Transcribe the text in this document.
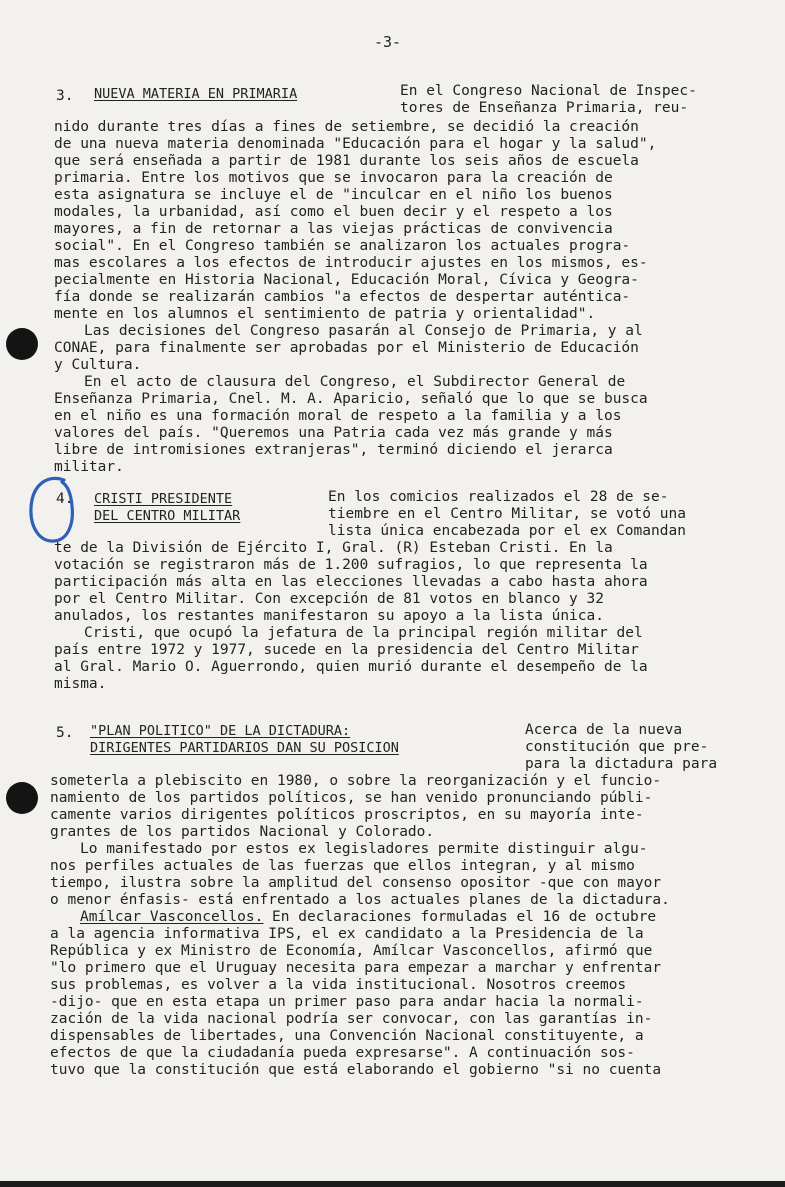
-3-
3. NUEVA MATERIA EN PRIMARIA	En el Congreso Nacional de Inspec-
tores de Enseñanza Primaria, reu-

nido durante tres días a fines de setiembre, se decidió la creación

de una nueva materia denominada "Educación para el hogar y la salud",

que será enseñada a partir de 1981 durante los seis años de escuela

primaria. Entre los motivos que se invocaron para la creación de

esta asignatura se incluye el de "inculcar en el niño los buenos

modales, la urbanidad, así como el buen decir y el respeto a los

mayores, a fin de retornar a las viejas prácticas de convivencia

social". En el Congreso también se analizaron los actuales progra-

mas escolares a los efectos de introducir ajustes en los mismos, es-

pecialmente en Historia Nacional, Educación Moral, Cívica y Geogra-

fía donde se realizarán cambios "a efectos de despertar auténtica-

mente en los alumnos el sentimiento de patria y orientalidad".

Las decisiones del Congreso pasarán al Consejo de Primaria, y al

CONAE, para finalmente ser aprobadas por el Ministerio de Educación

y Cultura.

En el acto de clausura del Congreso, el Subdirector General de

Enseñanza Primaria, Cnel. M. A. Aparicio, señaló que lo que se busca

en el niño es una formación moral de respeto a la familia y a los

valores del país. "Queremos una Patria cada vez más grande y más

libre de intromisiones extranjeras", terminó diciendo el jerarca

militar.

4. CRISTI PRESIDENTE
DEL CENTRO MILITAR
En los comicios realizados el 28 de se-
tiembre en el Centro Militar, se votó una
lista única encabezada por el ex Comandan

te de la División de Ejército I, Gral. (R) Esteban Cristi. En la

votación se registraron más de 1.200 sufragios, lo que representa la

participación más alta en las elecciones llevadas a cabo hasta ahora

por el Centro Militar. Con excepción de 81 votos en blanco y 32

anulados, los restantes manifestaron su apoyo a la lista única.

Cristi, que ocupó la jefatura de la principal región militar del

país entre 1972 y 1977, sucede en la presidencia del Centro Militar

al Gral. Mario O. Aguerrondo, quien murió durante el desempeño de la

misma.

5. "PLAN POLITICO" DE LA DICTADURA:
DIRIGENTES PARTIDARIOS DAN SU POSICION
Acerca de la nueva
constitución que pre-
para la dictadura para

someterla a plebiscito en 1980, o sobre la reorganización y el funcio-

namiento de los partidos políticos, se han venido pronunciando públi-

camente varios dirigentes políticos proscriptos, en su mayoría inte-

grantes de los partidos Nacional y Colorado.

Lo manifestado por estos ex legisladores permite distinguir algu-

nos perfiles actuales de las fuerzas que ellos integran, y al mismo

tiempo, ilustra sobre la amplitud del consenso opositor -que con mayor

o menor énfasis- está enfrentado a los actuales planes de la dictadura.

Amílcar Vasconcellos. En declaraciones formuladas el 16 de octubre

a la agencia informativa IPS, el ex candidato a la Presidencia de la

República y ex Ministro de Economía, Amílcar Vasconcellos, afirmó que

"lo primero que el Uruguay necesita para empezar a marchar y enfrentar

sus problemas, es volver a la vida institucional. Nosotros creemos

-dijo- que en esta etapa un primer paso para andar hacia la normali-

zación de la vida nacional podría ser convocar, con las garantías in-

dispensables de libertades, una Convención Nacional constituyente, a

efectos de que la ciudadanía pueda expresarse". A continuación sos-

tuvo que la constitución que está elaborando el gobierno "si no cuenta
